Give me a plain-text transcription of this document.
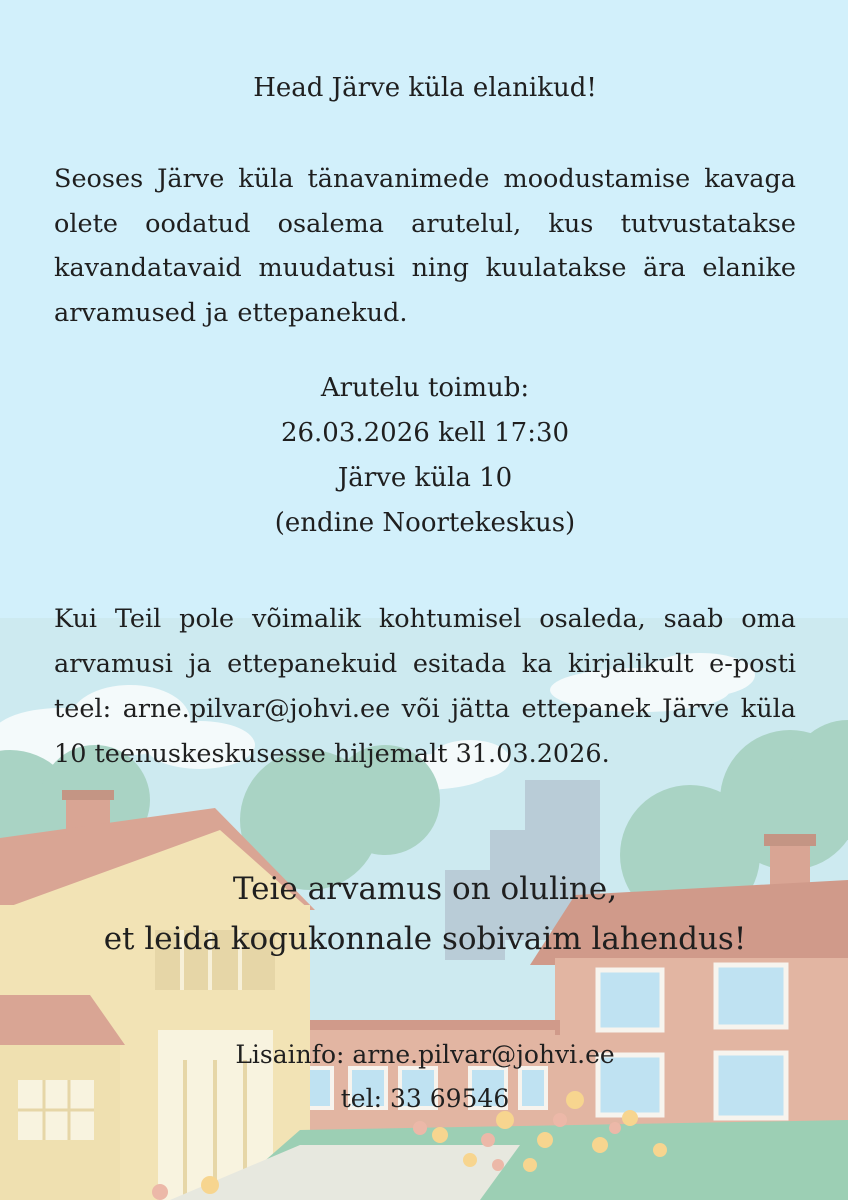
Head Järve küla elanikud!
Seoses Järve küla tänavanimede moodustamise kavaga olete oodatud osalema arutelul, kus tutvustatakse kavandatavaid muudatusi ning kuulatakse ära elanike arvamused ja ettepanekud.
Arutelu toimub:
26.03.2026 kell 17:30
Järve küla 10
(endine Noortekeskus)
Kui Teil pole võimalik kohtumisel osaleda, saab oma arvamusi ja ettepanekuid esitada ka kirjalikult e-posti teel: arne.pilvar@johvi.ee või jätta ettepanek Järve küla 10 teenuskeskusesse hiljemalt 31.03.2026.
Teie arvamus on oluline,
et leida kogukonnale sobivaim lahendus!
Lisainfo: arne.pilvar@johvi.ee
tel: 33 69546
